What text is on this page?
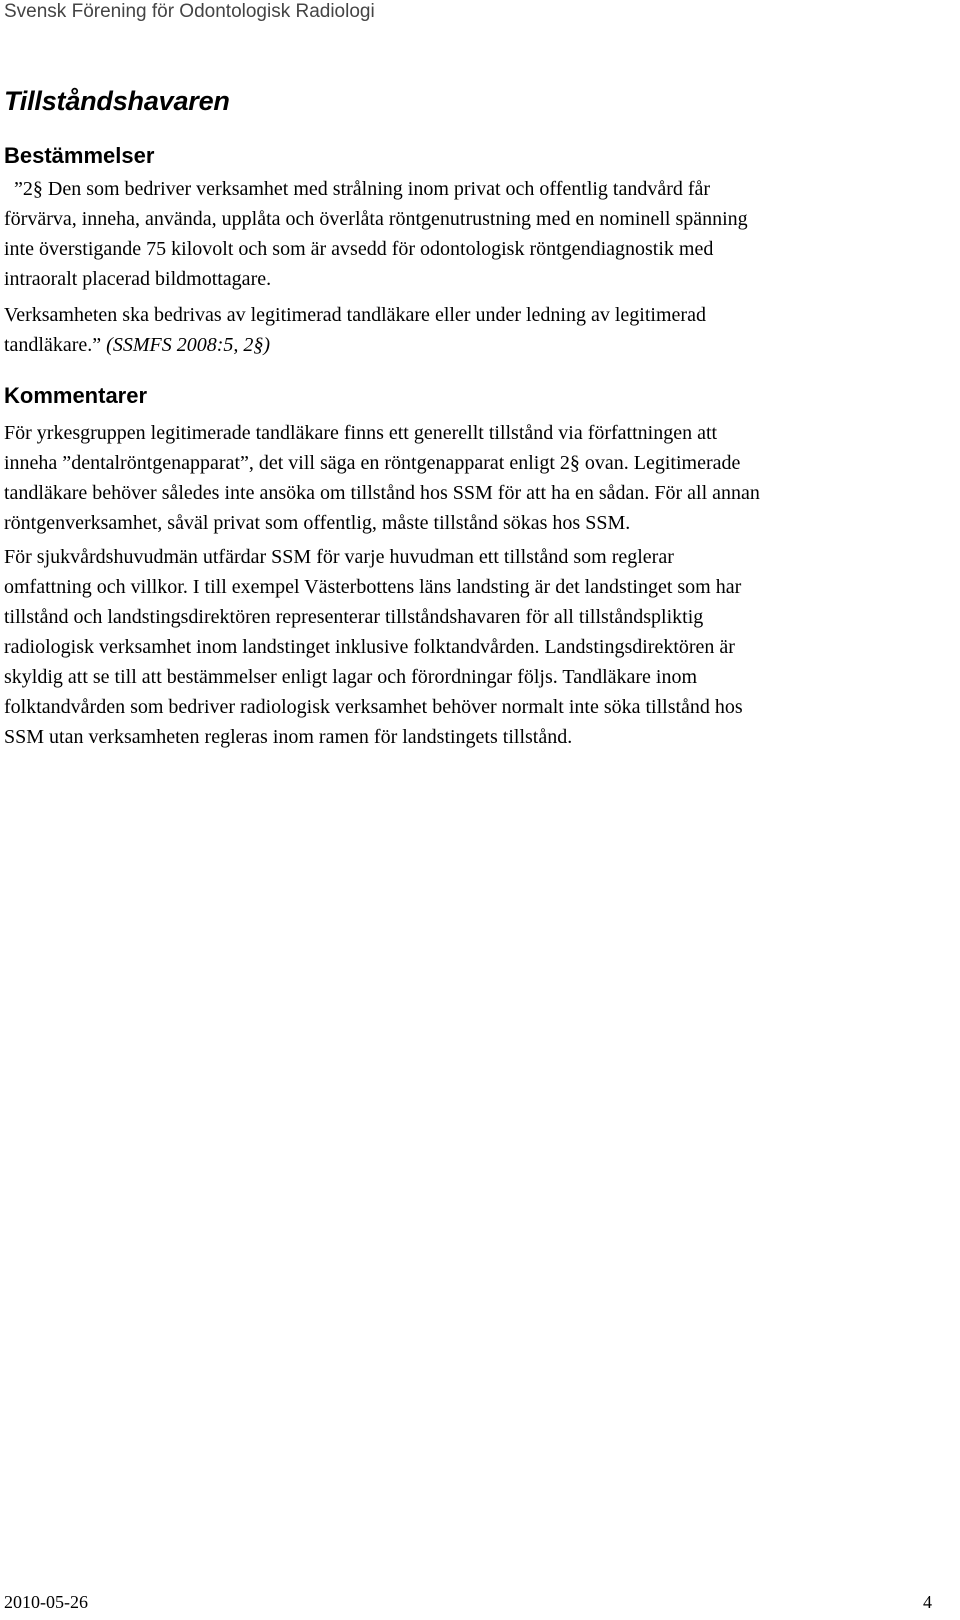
Svensk Förening för Odontologisk Radiologi
Tillståndshavaren
Bestämmelser

”2§ Den som bedriver verksamhet med strålning inom privat och offentlig tandvård får
förvärva, inneha, använda, upplåta och överlåta röntgenutrustning med en nominell spänning
inte överstigande 75 kilovolt och som är avsedd för odontologisk röntgendiagnostik med
intraoralt placerad bildmottagare.

Verksamheten ska bedrivas av legitimerad tandläkare eller under ledning av legitimerad
tandläkare.” (SSMFS 2008:5, 2§)

Kommentarer

För yrkesgruppen legitimerade tandläkare finns ett generellt tillstånd via författningen att
inneha ”dentalröntgenapparat”, det vill säga en röntgenapparat enligt 2§ ovan. Legitimerade
tandläkare behöver således inte ansöka om tillstånd hos SSM för att ha en sådan. För all annan
röntgenverksamhet, såväl privat som offentlig, måste tillstånd sökas hos SSM.

För sjukvårdshuvudmän utfärdar SSM för varje huvudman ett tillstånd som reglerar
omfattning och villkor. I till exempel Västerbottens läns landsting är det landstinget som har
tillstånd och landstingsdirektören representerar tillståndshavaren för all tillståndspliktig
radiologisk verksamhet inom landstinget inklusive folktandvården. Landstingsdirektören är
skyldig att se till att bestämmelser enligt lagar och förordningar följs. Tandläkare inom
folktandvården som bedriver radiologisk verksamhet behöver normalt inte söka tillstånd hos
SSM utan verksamheten regleras inom ramen för landstingets tillstånd.

2010-05-26	4
